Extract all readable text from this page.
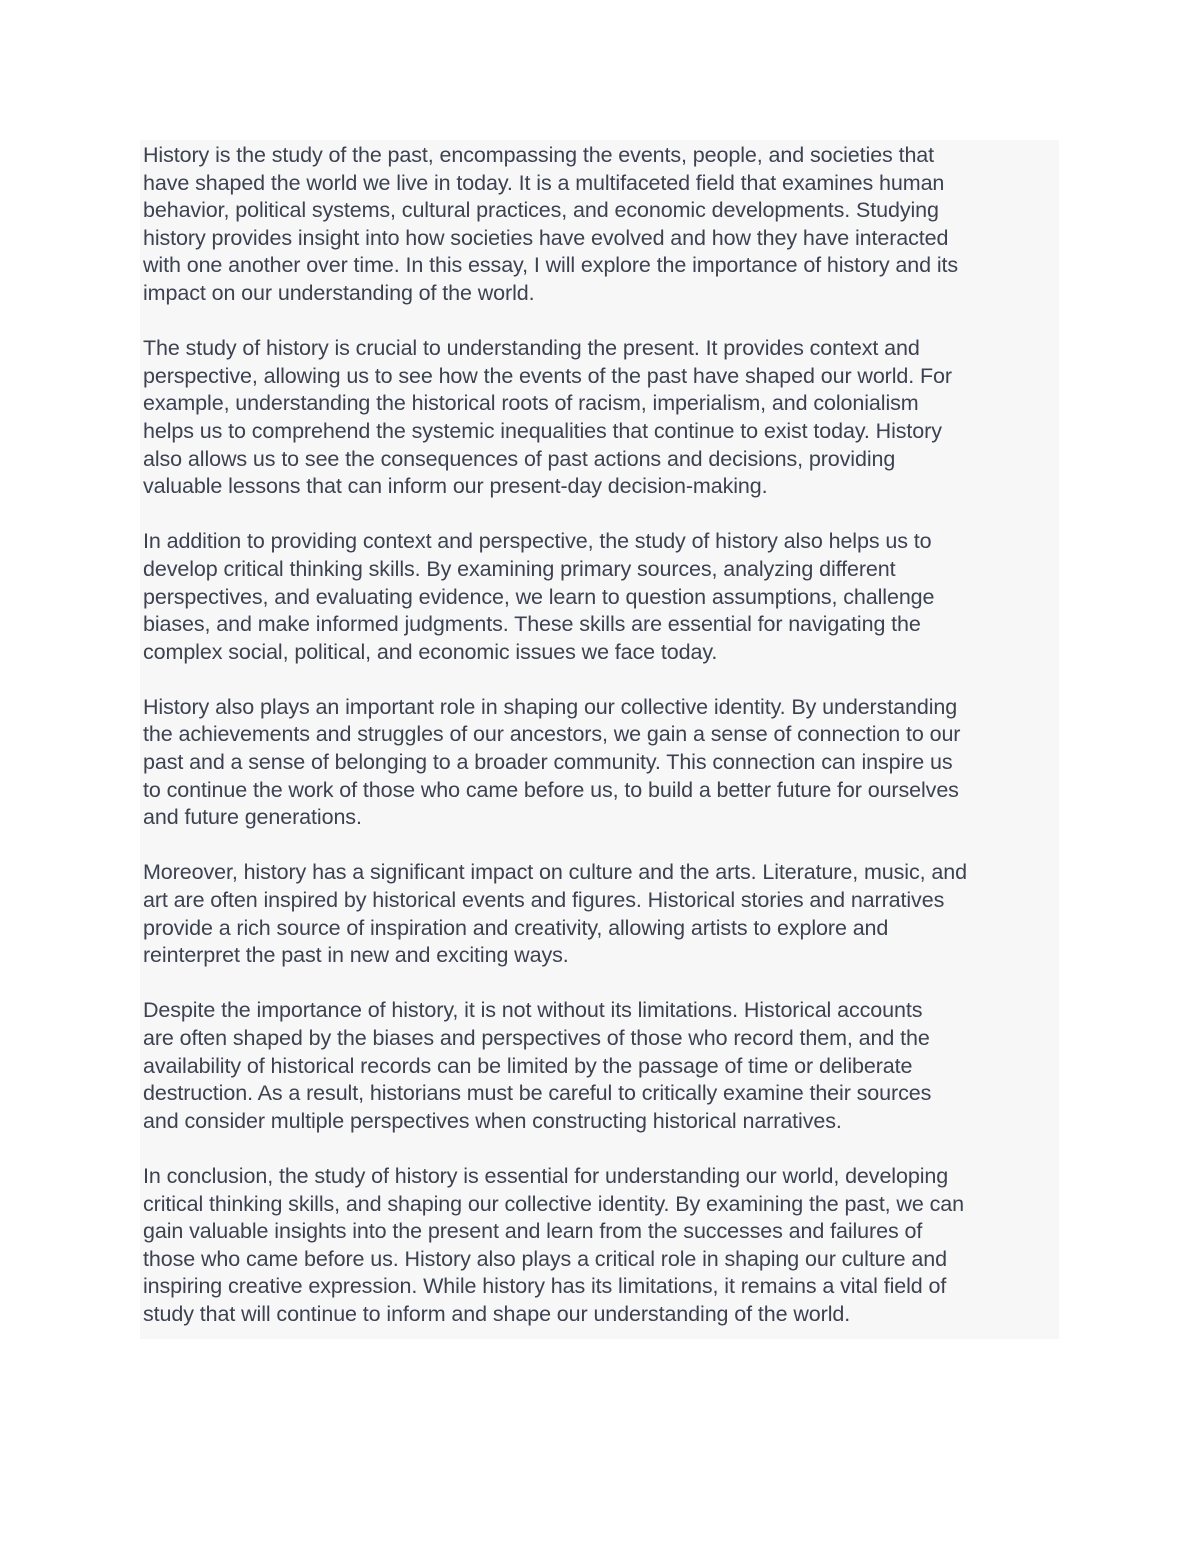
History is the study of the past, encompassing the events, people, and societies that
have shaped the world we live in today. It is a multifaceted field that examines human
behavior, political systems, cultural practices, and economic developments. Studying
history provides insight into how societies have evolved and how they have interacted
with one another over time. In this essay, I will explore the importance of history and its
impact on our understanding of the world.

The study of history is crucial to understanding the present. It provides context and
perspective, allowing us to see how the events of the past have shaped our world. For
example, understanding the historical roots of racism, imperialism, and colonialism
helps us to comprehend the systemic inequalities that continue to exist today. History
also allows us to see the consequences of past actions and decisions, providing
valuable lessons that can inform our present-day decision-making.

In addition to providing context and perspective, the study of history also helps us to
develop critical thinking skills. By examining primary sources, analyzing different
perspectives, and evaluating evidence, we learn to question assumptions, challenge
biases, and make informed judgments. These skills are essential for navigating the
complex social, political, and economic issues we face today.

History also plays an important role in shaping our collective identity. By understanding
the achievements and struggles of our ancestors, we gain a sense of connection to our
past and a sense of belonging to a broader community. This connection can inspire us
to continue the work of those who came before us, to build a better future for ourselves
and future generations.

Moreover, history has a significant impact on culture and the arts. Literature, music, and
art are often inspired by historical events and figures. Historical stories and narratives
provide a rich source of inspiration and creativity, allowing artists to explore and
reinterpret the past in new and exciting ways.

Despite the importance of history, it is not without its limitations. Historical accounts
are often shaped by the biases and perspectives of those who record them, and the
availability of historical records can be limited by the passage of time or deliberate
destruction. As a result, historians must be careful to critically examine their sources
and consider multiple perspectives when constructing historical narratives.

In conclusion, the study of history is essential for understanding our world, developing
critical thinking skills, and shaping our collective identity. By examining the past, we can
gain valuable insights into the present and learn from the successes and failures of
those who came before us. History also plays a critical role in shaping our culture and
inspiring creative expression. While history has its limitations, it remains a vital field of
study that will continue to inform and shape our understanding of the world.
